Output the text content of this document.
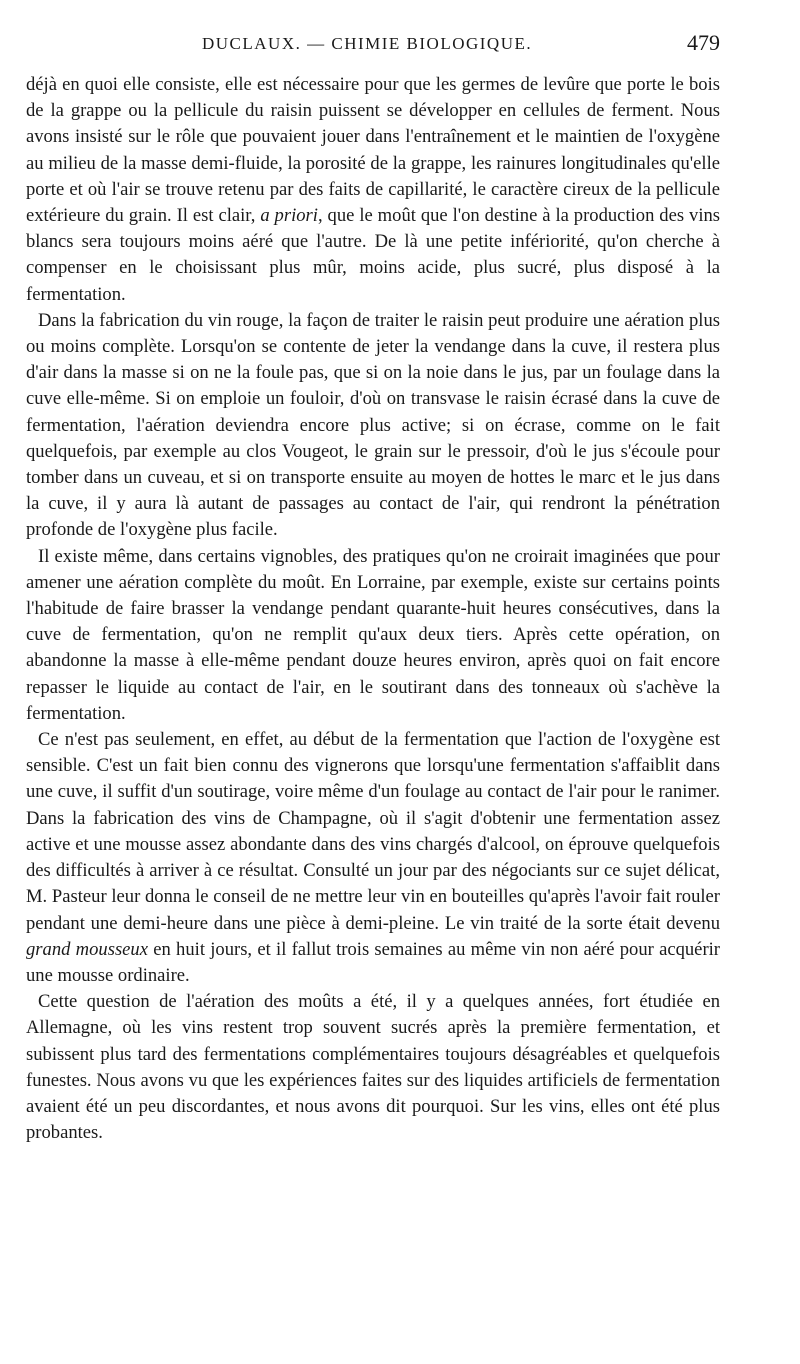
DUCLAUX. — CHIMIE BIOLOGIQUE.	479

déjà en quoi elle consiste, elle est nécessaire pour que les germes de levûre que porte le bois de la grappe ou la pellicule du raisin puissent se développer en cellules de ferment. Nous avons insisté sur le rôle que pouvaient jouer dans l'entraînement et le maintien de l'oxygène au milieu de la masse demi-fluide, la porosité de la grappe, les rainures longitudinales qu'elle porte et où l'air se trouve retenu par des faits de capillarité, le caractère cireux de la pellicule extérieure du grain. Il est clair, a priori, que le moût que l'on destine à la production des vins blancs sera toujours moins aéré que l'autre. De là une petite infériorité, qu'on cherche à compenser en le choisissant plus mûr, moins acide, plus sucré, plus disposé à la fermentation.

Dans la fabrication du vin rouge, la façon de traiter le raisin peut produire une aération plus ou moins complète. Lorsqu'on se contente de jeter la vendange dans la cuve, il restera plus d'air dans la masse si on ne la foule pas, que si on la noie dans le jus, par un foulage dans la cuve elle-même. Si on emploie un fouloir, d'où on transvase le raisin écrasé dans la cuve de fermentation, l'aération deviendra encore plus active; si on écrase, comme on le fait quelquefois, par exemple au clos Vougeot, le grain sur le pressoir, d'où le jus s'écoule pour tomber dans un cuveau, et si on transporte ensuite au moyen de hottes le marc et le jus dans la cuve, il y aura là autant de passages au contact de l'air, qui rendront la pénétration profonde de l'oxygène plus facile.

Il existe même, dans certains vignobles, des pratiques qu'on ne croirait imaginées que pour amener une aération complète du moût. En Lorraine, par exemple, existe sur certains points l'habitude de faire brasser la vendange pendant quarante-huit heures consécutives, dans la cuve de fermentation, qu'on ne remplit qu'aux deux tiers. Après cette opération, on abandonne la masse à elle-même pendant douze heures environ, après quoi on fait encore repasser le liquide au contact de l'air, en le soutirant dans des tonneaux où s'achève la fermentation.

Ce n'est pas seulement, en effet, au début de la fermentation que l'action de l'oxygène est sensible. C'est un fait bien connu des vignerons que lorsqu'une fermentation s'affaiblit dans une cuve, il suffit d'un soutirage, voire même d'un foulage au contact de l'air pour le ranimer. Dans la fabrication des vins de Champagne, où il s'agit d'obtenir une fermentation assez active et une mousse assez abondante dans des vins chargés d'alcool, on éprouve quelquefois des difficultés à arriver à ce résultat. Consulté un jour par des négociants sur ce sujet délicat, M. Pasteur leur donna le conseil de ne mettre leur vin en bouteilles qu'après l'avoir fait rouler pendant une demi-heure dans une pièce à demi-pleine. Le vin traité de la sorte était devenu grand mousseux en huit jours, et il fallut trois semaines au même vin non aéré pour acquérir une mousse ordinaire.

Cette question de l'aération des moûts a été, il y a quelques années, fort étudiée en Allemagne, où les vins restent trop souvent sucrés après la première fermentation, et subissent plus tard des fermentations complémentaires toujours désagréables et quelquefois funestes. Nous avons vu que les expériences faites sur des liquides artificiels de fermentation avaient été un peu discordantes, et nous avons dit pourquoi. Sur les vins, elles ont été plus probantes.
